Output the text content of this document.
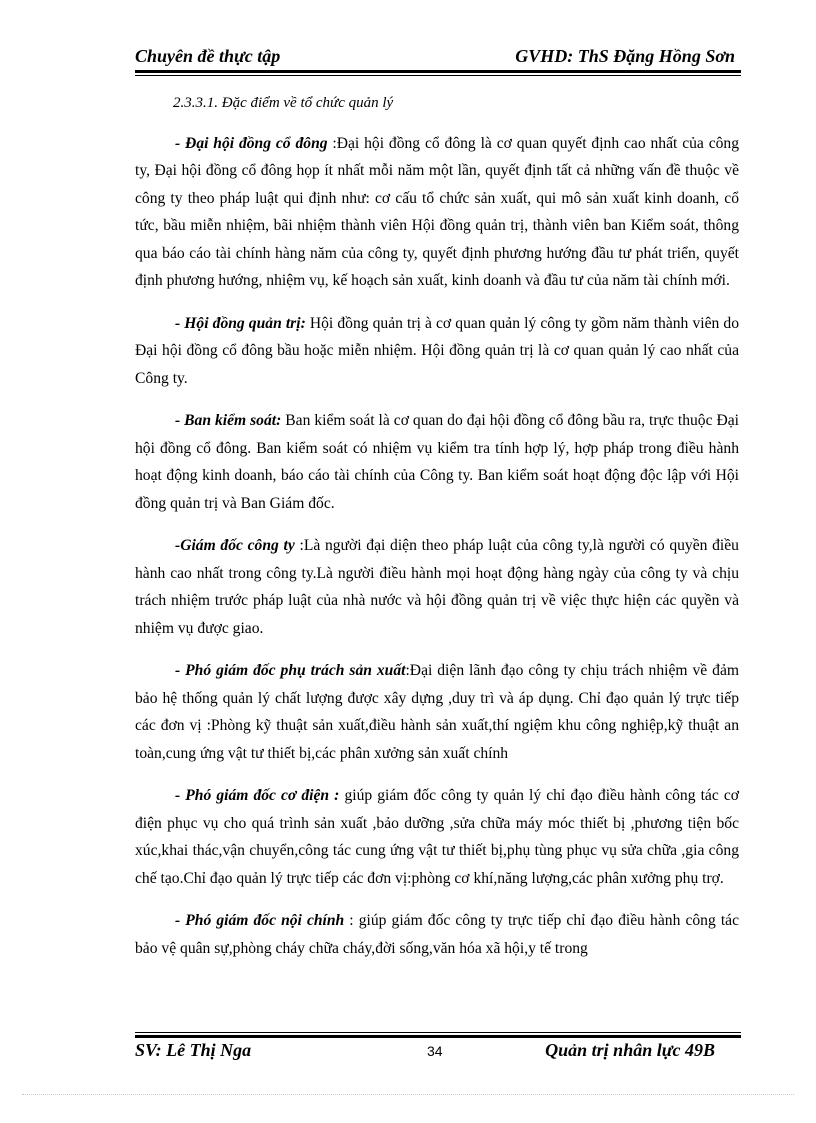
Chuyên đề thực tập	GVHD: ThS Đặng Hồng Sơn
2.3.3.1. Đặc điểm về tổ chức quản lý

- Đại hội đồng cổ đông :Đại hội đồng cổ đông là cơ quan quyết định cao nhất của công ty, Đại hội đồng cổ đông họp ít nhất mỗi năm một lần, quyết định tất cả những vấn đề thuộc về công ty theo pháp luật qui định như: cơ cấu tổ chức sản xuất, qui mô sản xuất kinh doanh, cổ tức, bầu miễn nhiệm, bãi nhiệm thành viên Hội đồng quản trị, thành viên ban Kiểm soát, thông qua báo cáo tài chính hàng năm của công ty, quyết định phương hướng đầu tư phát triển, quyết định phương hướng, nhiệm vụ, kế hoạch sản xuất, kinh doanh và đầu tư của năm tài chính mới.

- Hội đồng quản trị: Hội đồng quản trị à cơ quan quản lý công ty gồm năm thành viên do Đại hội đồng cổ đông bầu hoặc miễn nhiệm. Hội đồng quản trị là cơ quan quản lý cao nhất của Công ty.

- Ban kiểm soát: Ban kiểm soát là cơ quan do đại hội đồng cổ đông bầu ra, trực thuộc Đại hội đồng cổ đông. Ban kiểm soát có nhiệm vụ kiểm tra tính hợp lý, hợp pháp trong điều hành hoạt động kinh doanh, báo cáo tài chính của Công ty. Ban kiểm soát hoạt động độc lập với Hội đồng quản trị và Ban Giám đốc.

-Giám đốc công ty :Là người đại diện theo pháp luật của công ty,là người có quyền điều hành cao nhất trong công ty.Là người điều hành mọi hoạt động hàng ngày của công ty và chịu trách nhiệm trước pháp luật của nhà nước và hội đồng quản trị về việc thực hiện các quyền và nhiệm vụ được giao.

- Phó giám đốc phụ trách sản xuất:Đại diện lãnh đạo công ty chịu trách nhiệm về đảm bảo hệ thống quản lý chất lượng được xây dựng ,duy trì và áp dụng. Chỉ đạo quản lý trực tiếp các đơn vị :Phòng kỹ thuật sản xuất,điều hành sản xuất,thí ngiệm khu công nghiệp,kỹ thuật an toàn,cung ứng vật tư thiết bị,các phân xưởng sản xuất chính

- Phó giám đốc cơ điện : giúp giám đốc công ty quản lý chỉ đạo điều hành công tác cơ điện phục vụ cho quá trình sản xuất ,bảo dưỡng ,sửa chữa máy móc thiết bị ,phương tiện bốc xúc,khai thác,vận chuyển,công tác cung ứng vật tư thiết bị,phụ tùng phục vụ sửa chữa ,gia công chế tạo.Chỉ đạo quản lý trực tiếp các đơn vị:phòng cơ khí,năng lượng,các phân xưởng phụ trợ.

- Phó giám đốc nội chính : giúp giám đốc công ty trực tiếp chỉ đạo điều hành công tác bảo vệ quân sự,phòng cháy chữa cháy,đời sống,văn hóa xã hội,y tế trong

SV: Lê Thị Nga	34	Quản trị nhân lực 49B
